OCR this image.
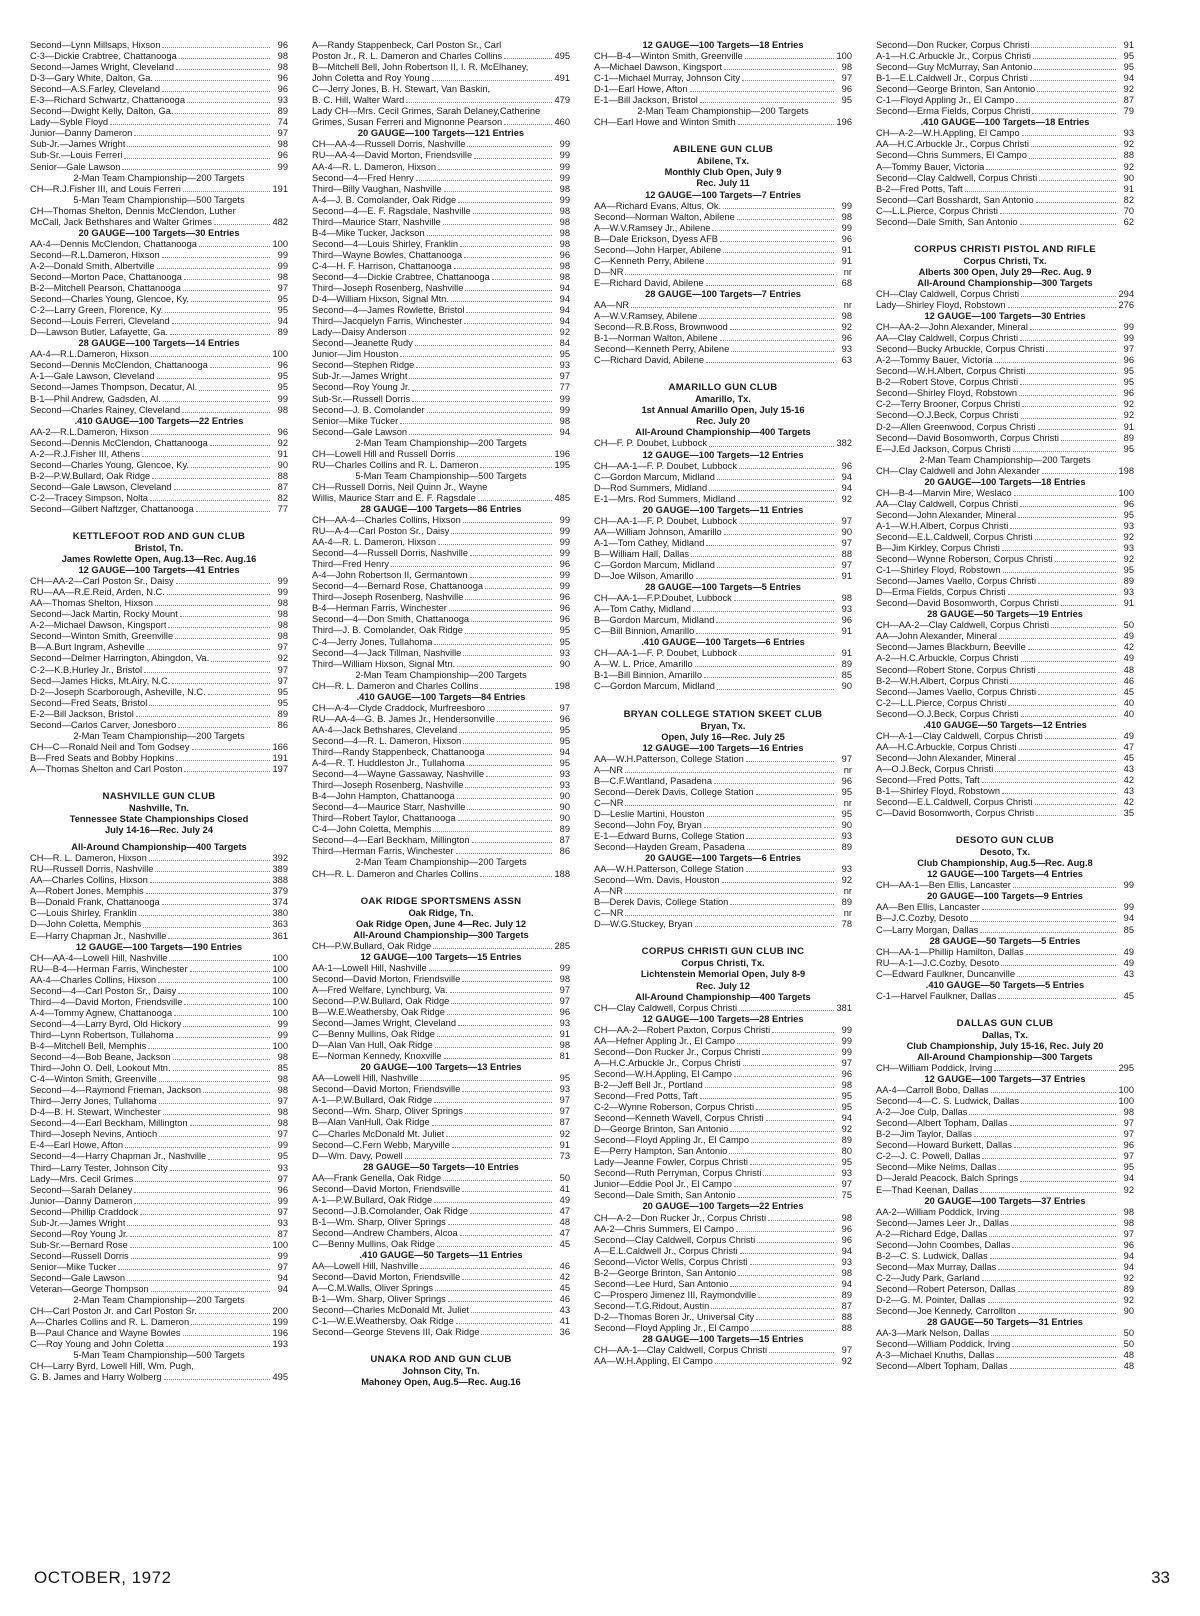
Second—Lynn Millsaps, Hixson	96
C-3—Dickie Crabtree, Chattanooga	98
Second—James Wright, Cleveland	98
D-3—Gary White, Dalton, Ga.	96
Second—A.S.Farley, Cleveland	96
E-3—Richard Schwartz, Chattanooga	93
Second—Dwight Kelly, Dalton, Ga.	89
Lady—Syble Floyd	74
Junior—Danny Dameron	97
Sub-Jr.—James Wright	98
Sub-Sr.—Louis Ferreri	96
Senior—Gale Lawson	99
2-Man Team Championship—200 Targets
CH—R.J.Fisher III, and Louis Ferreri	191
5-Man Team Championship—500 Targets
CH—Thomas Shelton, Dennis McClendon, Luther
McCall, Jack Bethshares and Walter Grimes	482
20 GAUGE—100 Targets—30 Entries
AA-4—Dennis McClendon, Chattanooga	100
Second—R.L.Dameron, Hixson	99
A-2—Donald Smith, Albertville	99
Second—Morton Pace, Chattanooga	98
B-2—Mitchell Pearson, Chattanooga	97
Second—Charles Young, Glencoe, Ky.	95
C-2—Larry Green, Florence, Ky.	95
Second—Louis Ferreri, Cleveland	94
D—Lawson Butler, Lafayette, Ga.	89
28 GAUGE—100 Targets—14 Entries
AA-4—R.L.Dameron, Hixson	100
Second—Dennis McClendon, Chattanooga	96
A-1—Gale Lawson, Cleveland	95
Second—James Thompson, Decatur, Al.	95
B-1—Phil Andrew, Gadsden, Al.	99
Second—Charles Rainey, Cleveland	98
.410 GAUGE—100 Targets—22 Entries
AA-2—R.L.Dameron, Hixson	96
Second—Dennis McClendon, Chattanooga	92
A-2—R.J.Fisher III, Athens	91
Second—Charles Young, Glencoe, Ky.	90
B-2—P.W.Bullard, Oak Ridge	88
Second—Gale Lawson, Cleveland	87
C-2—Tracey Simpson, Nolta	82
Second—Gilbert Naftzger, Chattanooga	77
KETTLEFOOT ROD AND GUN CLUB
Bristol, Tn.
James Rowlette Open, Aug.13—Rec. Aug.16
12 GAUGE—100 Targets—41 Entries
CH—AA-2—Carl Poston Sr., Daisy	99
RU—AA—R.E.Reid, Arden, N.C.	99
AA—Thomas Shelton, Hixson	98
Second—Jack Martin, Rocky Mount	98
A-2—Michael Dawson, Kingsport	98
Second—Winton Smith, Greenville	98
B—A.Burt Ingram, Asheville	97
Second—Delmer Harrington, Abingdon, Va.	92
C-2—K.B.Hurley Jr., Bristol	97
Secd—James Hicks, Mt.Airy, N.C.	97
D-2—Joseph Scarborough, Asheville, N.C.	95
Second—Fred Seats, Bristol	95
E-2—Bill Jackson, Bristol	89
Second—Carlos Carver, Jonesboro	86
2-Man Team Championship—200 Targets
CH—C—Ronald Neil and Tom Godsey	166
B—Fred Seats and Bobby Hopkins	191
A—Thomas Shelton and Carl Poston	197
NASHVILLE GUN CLUB
Nashville, Tn.
Tennessee State Championships Closed
July 14-16—Rec. July 24
All-Around Championship—400 Targets
CH—R. L. Dameron, Hixson	392
RU—Russell Dorris, Nashville	389
AA—Charles Collins, Hixson	388
A—Robert Jones, Memphis	379
B—Donald Frank, Chattanooga	374
C—Louis Shirley, Franklin	380
D—John Coletta, Memphis	363
E—Harry Chapman Jr., Nashville	361
12 GAUGE—100 Targets—190 Entries
CH—AA-4—Lowell Hill, Nashville	100
RU—B-4—Herman Farris, Winchester	100
AA-4—Charles Collins, Hixson	100
Second—4—Carl Poston Sr., Daisy	100
Third—4—David Morton, Friendsville	100
A-4—Tommy Agnew, Chattanooga	100
Second—4—Larry Byrd, Old Hickory	99
Third—Lynn Robertson, Tullahoma	99
B-4—Mitchell Bell, Memphis	100
Second—4—Bob Beane, Jackson	98
Third—John O. Dell, Lookout Mtn.	85
C-4—Winton Smith, Greenville	98
Second—4—Raymond Frieman, Jackson	98
Third—Jerry Jones, Tullahoma	97
D-4—B. H. Stewart, Winchester	98
Second—4—Earl Beckham, Millington	98
Third—Joseph Nevins, Antioch	97
E-4—Earl Howe, Afton	99
Second—4—Harry Chapman Jr., Nashville	95
Third—Larry Tester, Johnson City	93
Lady—Mrs. Cecil Grimes	97
Second—Sarah Delaney	96
Junior—Danny Dameron	99
Second—Phillip Craddock	97
Sub-Jr.—James Wright	93
Second—Roy Young Jr.	87
Sub-Sr.—Bernard Rose	100
Second—Russell Dorris	99
Senior—Mike Tucker	97
Second—Gale Lawson	94
Veteran—George Thompson	94
2-Man Team Championship—200 Targets
CH—Carl Poston Jr. and Carl Poston Sr.	200
A—Charles Collins and R. L. Dameron	199
B—Paul Chance and Wayne Bowles	196
C—Roy Young and John Coletta	193
5-Man Team Championship—500 Targets
CH—Larry Byrd, Lowell Hill, Wm. Pugh,
G. B. James and Harry Wolberg	495
A—Randy Stappenbeck, Carl Poston Sr., Carl
Poston Jr., R. L. Dameron and Charles Collins	495
B—Mitchell Bell, John Robertson II, I. R. McElhaney,
John Coletta and Roy Young	491
C—Jerry Jones, B. H. Stewart, Van Baskin,
B. C. Hill, Walter Ward	479
Lady CH—Mrs. Cecil Grimes, Sarah Delaney,Catherine
Grimes, Susan Ferreri and Mignonne Pearson	460
20 GAUGE—100 Targets—121 Entries
CH—AA-4—Russell Dorris, Nashville	99
RU—AA-4—David Morton, Friendsville	99
AA-4—R. L. Dameron, Hixson	99
Second—4—Fred Henry	99
Third—Billy Vaughan, Nashville	98
A-4—J. B. Comolander, Oak Ridge	99
Second—4—E. F. Ragsdale, Nashville	98
Third—Maurice Starr, Nashville	98
B-4—Mike Tucker, Jackson	98
Second—4—Louis Shirley, Franklin	98
Third—Wayne Bowles, Chattanooga	96
C-4—H. F. Harrison, Chattanooga	98
Second—4—Dickie Crabtree, Chattanooga	98
Third—Joseph Rosenberg, Nashville	94
D-4—William Hixson, Signal Mtn.	94
Second—4—James Rowlette, Bristol	94
Third—Jacquelyn Farris, Winchester	94
Lady—Daisy Anderson	92
Second—Jeanette Rudy	84
Junior—Jim Houston	95
Second—Stephen Ridge	93
Sub-Jr.—James Wright	97
Second—Roy Young Jr.	77
Sub-Sr.—Russell Dorris	99
Second—J. B. Comolander	99
Senior—Mike Tucker	98
Second—Gale Lawson	94
2-Man Team Championship—200 Targets
CH—Lowell Hill and Russell Dorris	196
RU—Charles Collins and R. L. Dameron	195
5-Man Team Championship—500 Targets
CH—Russell Dorris, Neil Quinn Jr., Wayne
Willis, Maurice Starr and E. F. Ragsdale	485
28 GAUGE—100 Targets—86 Entries
CH—AA-4—Charles Collins, Hixson	99
RU—A-4—Carl Poston Sr., Daisy	99
AA-4—R. L. Dameron, Hixson	99
Second—4—Russell Dorris, Nashville	99
Third—Fred Henry	96
A-4—John Robertson II, Germantown	99
Second—4—Bernard Rose, Chattanooga	99
Third—Joseph Rosenberg, Nashville	96
B-4—Herman Farris, Winchester	96
Second—4—Don Smith, Chattanooga	96
Third—J. B. Comolander, Oak Ridge	95
C-4—Jerry Jones, Tullahoma	95
Second—4—Jack Tillman, Nashville	93
Third—William Hixson, Signal Mtn.	90
2-Man Team Championship—200 Targets
CH—R. L. Dameron and Charles Collins	198
.410 GAUGE—100 Targets—84 Entries
CH—A-4—Clyde Craddock, Murfreesboro	97
RU—AA-4—G. B. James Jr., Hendersonville	96
AA-4—Jack Bethshares, Cleveland	95
Second—4—R. L. Dameron, Hixson	95
Third—Randy Stappenbeck, Chattanooga	94
A-4—R. T. Huddleston Jr., Tullahoma	95
Second—4—Wayne Gassaway, Nashville	93
Third—Joseph Rosenberg, Nashville	93
B-4—John Hampton, Chattanooga	90
Second—4—Maurice Starr, Nashville	90
Third—Robert Taylor, Chattanooga	90
C-4—John Coletta, Memphis	89
Second—4—Earl Beckham, Millington	87
Third—Herman Farris, Winchester	86
2-Man Team Championship—200 Targets
CH—R. L. Dameron and Charles Collins	188
OAK RIDGE SPORTSMENS ASSN
Oak Ridge, Tn.
Oak Ridge Open, June 4—Rec. July 12
All-Around Championship—300 Targets
CH—P.W.Bullard, Oak Ridge	285
12 GAUGE—100 Targets—15 Entries
AA-1—Lowell Hill, Nashville	99
Second—David Morton, Friendsville	98
A—Fred Welfare, Lynchburg, Va.	97
Second—P.W.Bullard, Oak Ridge	97
B—W.E.Weathersby, Oak Ridge	96
Second—James Wright, Cleveland	93
C—Benny Mullins, Oak Ridge	91
D—Alan Van Hull, Oak Ridge	98
E—Norman Kennedy, Knoxville	81
20 GAUGE—100 Targets—13 Entries
AA—Lowell Hill, Nashville	95
Second—David Morton, Friendsville	93
A-1—P.W.Bullard, Oak Ridge	97
Second—Wm. Sharp, Oliver Springs	97
B—Alan VanHull, Oak Ridge	87
C—Charles McDonald Mt. Juliet	92
Second—C.Fern Webb, Maryville	91
D—Wm. Davy, Powell	73
28 GAUGE—50 Targets—10 Entries
AA—Frank Genella, Oak Ridge	50
Second—David Morton, Friendsville	41
A-1—P.W.Bullard, Oak Ridge	49
Second—J.B.Comolander, Oak Ridge	47
B-1—Wm. Sharp, Oliver Springs	48
Second—Andrew Chambers, Alcoa	47
C—Benny Mullins, Oak Ridge	45
.410 GAUGE—50 Targets—11 Entries
AA—Lowell Hill, Nashville	46
Second—David Morton, Friendsville	42
A—C.M.Walls, Oliver Springs	45
B-1—Wm. Sharp, Oliver Springs	46
Second—Charles McDonald Mt. Juliet	43
C-1—W.E.Weathersby, Oak Ridge	41
Second—George Stevens III, Oak Ridge	36
UNAKA ROD AND GUN CLUB
Johnson City, Tn.
Mahoney Open, Aug.5—Rec. Aug.16
12 GAUGE—100 Targets—18 Entries
CH—B-4—Winton Smith, Greenville	100
A—Michael Dawson, Kingsport	98
C-1—Michael Murray, Johnson City	97
D-1—Earl Howe, Afton	96
E-1—Bill Jackson, Bristol	95
2-Man Team Championship—200 Targets
CH—Earl Howe and Winton Smith	196
ABILENE GUN CLUB
Abilene, Tx.
Monthly Club Open, July 9
Rec. July 11
12 GAUGE—100 Targets—7 Entries
AA—Richard Evans, Altus, Ok.	99
Second—Norman Walton, Abilene	98
A—W.V.Ramsey Jr., Abilene	99
B—Dale Erickson, Dyess AFB	96
Second—John Harper, Abilene	91
C—Kenneth Perry, Abilene	91
D—NR	nr
E—Richard David, Abilene	68
28 GAUGE—100 Targets—7 Entries
AA—NR	nr
A—W.V.Ramsey, Abilene	98
Second—R.B.Ross, Brownwood	92
B-1—Norman Walton, Abilene	96
Second—Kenneth Perry, Abilene	93
C—Richard David, Abilene	63
AMARILLO GUN CLUB
Amarillo, Tx.
1st Annual Amarillo Open, July 15-16
Rec. July 20
All-Around Championship—400 Targets
CH—F. P. Doubet, Lubbock	382
12 GAUGE—100 Targets—12 Entries
CH—AA-1—F. P. Doubet, Lubbock	96
C—Gordon Marcum, Midland	94
D—Rod Summers, Midland	94
E-1—Mrs. Rod Summers, Midland	92
20 GAUGE—100 Targets—11 Entries
CH—AA-1—F. P. Doubet, Lubbock	97
AA—William Johnson, Amarillo	90
A-1—Tom Cathey, Midland	97
B—William Hall, Dallas	88
C—Gordon Marcum, Midland	97
D—Joe Wilson, Amarillo	91
28 GAUGE—100 Targets—5 Entries
CH—AA-1—F.P.Doubet, Lubbock	98
A—Tom Cathy, Midland	93
B—Gordon Marcum, Midland	96
C—Bill Binnion, Amarillo	91
.410 GAUGE—100 Targets—6 Entries
CH—AA-1—F. P. Doubet, Lubbock	91
A—W. L. Price, Amarillo	89
B-1—Bill Binnion, Amarillo	85
C—Gordon Marcum, Midland	90
BRYAN COLLEGE STATION SKEET CLUB
Bryan, Tx.
Open, July 16—Rec. July 25
12 GAUGE—100 Targets—16 Entries
AA—W.H.Patterson, College Station	97
A—NR	nr
B—C.F.Wantland, Pasadena	96
Second—Derek Davis, College Station	95
C—NR	nr
D—Leslie Martini, Houston	95
Second—John Foy, Bryan	90
E-1—Edward Burns, College Station	93
Second—Hayden Gream, Pasadena	89
20 GAUGE—100 Targets—6 Entries
AA—W.H.Patterson, College Station	93
Second—Wm. Davis, Houston	92
A—NR	nr
B—Derek Davis, College Station	89
C—NR	nr
D—W.G.Stuckey, Bryan	78
CORPUS CHRISTI GUN CLUB INC
Corpus Christi, Tx.
Lichtenstein Memorial Open, July 8-9
Rec. July 12
All-Around Championship—400 Targets
CH—Clay Caldwell, Corpus Christi	381
12 GAUGE—100 Targets—28 Entries
CH—AA-2—Robert Paxton, Corpus Christi	99
AA—Hefner Appling Jr., El Campo	99
Second—Don Rucker Jr., Corpus Christi	99
A—H.C.Arbuckle Jr., Corpus Christi	97
Second—W.H.Appling, El Campo	96
B-2—Jeff Bell Jr., Portland	98
Second—Fred Potts, Taft	95
C-2—Wynne Roberson, Corpus Christi	95
Second—Kenneth Wavell, Corpus Christi	94
D—George Brinton, San Antonio	92
Second—Floyd Appling Jr., El Campo	89
E—Perry Hampton, San Antonio	80
Lady—Jeanne Fowler, Corpus Christi	95
Second—Ruth Perryman, Corpus Christi	93
Junior—Eddie Pool Jr., El Campo	97
Second—Dale Smith, San Antonio	75
20 GAUGE—100 Targets—22 Entries
CH—A-2—Don Rucker Jr., Corpus Christi	98
AA-2—Chris Summers, El Campo	96
Second—Clay Caldwell, Corpus Christi	96
A—E.L.Caldwell Jr., Corpus Christi	94
Second—Victor Wells, Corpus Christi	93
B-2—George Brinton, San Antonio	98
Second—Lee Hurd, San Antonio	94
C—Prospero Jimenez III, Raymondville	89
Second—T.G.Ridout, Austin	87
D-2—Thomas Boren Jr., Universal City	88
Second—Floyd Appling Jr., El Campo	88
28 GAUGE—100 Targets—15 Entries
CH—AA-1—Clay Caldwell, Corpus Christi	97
AA—W.H.Appling, El Campo	92
Second—Don Rucker, Corpus Christi	91
A-1—H.C.Arbuckle Jr., Corpus Christi	95
Second—Guy McMurray, San Antonio	95
B-1—E.L.Caldwell Jr., Corpus Christi	94
Second—George Brinton, San Antonio	92
C-1—Floyd Appling Jr., El Campo	87
Second—Erma Fields, Corpus Christi	79
.410 GAUGE—100 Targets—18 Entries
CH—A-2—W.H.Appling, El Campo	93
AA—H.C.Arbuckle Jr., Corpus Christi	92
Second—Chris Summers, El Campo	88
A—Tommy Bauer, Victoria	92
Second—Clay Caldwell, Corpus Christi	90
B-2—Fred Potts, Taft	91
Second—Carl Bosshardt, San Antonio	82
C—L.L.Pierce, Corpus Christi	70
Second—Dale Smith, San Antonio	62
CORPUS CHRISTI PISTOL AND RIFLE
Corpus Christi, Tx.
Alberts 300 Open, July 29—Rec. Aug. 9
All-Around Championship—300 Targets
CH—Clay Caldwell, Corpus Christi	294
Lady—Shirley Floyd, Robstown	276
12 GAUGE—100 Targets—30 Entries
CH—AA-2—John Alexander, Mineral	99
AA—Clay Caldwell, Corpus Christi	99
Second—Bucky Arbuckle, Corpus Christi	97
A-2—Tommy Bauer, Victoria	96
Second—W.H.Albert, Corpus Christi	95
B-2—Robert Stove, Corpus Christi	95
Second—Shirley Floyd, Robstown	96
C-2—Terry Brooner, Corpus Christi	92
Second—O.J.Beck, Corpus Christi	92
D-2—Allen Greenwood, Corpus Christi	91
Second—David Bosomworth, Corpus Christi	89
E—J.Ed Jackson, Corpus Christi	95
2-Man Team Championship—200 Targets
CH—Clay Caldwell and John Alexander	198
20 GAUGE—100 Targets—18 Entries
CH—B-4—Marvin Mire, Weslaco	100
AA—Clay Caldwell, Corpus Christi	96
Second—John Alexander, Mineral	95
A-1—W.H.Albert, Corpus Christi	93
Second—E.L.Caldwell, Corpus Christi	92
B—Jim Kirkley, Corpus Christi	93
Second—Wynne Roberson, Corpus Christi	92
C-1—Shirley Floyd, Robstown	95
Second—James Vaello, Corpus Christi	89
D—Erma Fields, Corpus Christi	93
Second—David Bosomworth, Corpus Christi	91
28 GAUGE—50 Targets—19 Entries
CH—AA-2—Clay Caldwell, Corpus Christi	50
AA—John Alexander, Mineral	49
Second—James Blackburn, Beeville	42
A-2—H.C.Arbuckle, Corpus Christi	49
Second—Robert Stone, Corpus Christi	48
B-2—W.H.Albert, Corpus Christi	46
Second—James Vaello, Corpus Christi	45
C-2—L.L.Pierce, Corpus Christi	40
Second—O.J.Beck, Corpus Christi	40
.410 GAUGE—50 Targets—12 Entries
CH—A-1—Clay Caldwell, Corpus Christi	49
AA—H.C.Arbuckle, Corpus Christi	47
Second—John Alexander, Mineral	45
A—O.J.Beck, Corpus Christi	43
Second—Fred Potts, Taft	42
B-1—Shirley Floyd, Robstown	43
Second—E.L.Caldwell, Corpus Christi	42
C—David Bosomworth, Corpus Christi	35
DESOTO GUN CLUB
Desoto, Tx.
Club Championship, Aug.5—Rec. Aug.8
12 GAUGE—100 Targets—4 Entries
CH—AA-1—Ben Ellis, Lancaster	99
20 GAUGE—100 Targets—9 Entries
AA—Ben Ellis, Lancaster	99
B—J.C.Cozby, Desoto	94
C—Larry Morgan, Dallas	85
28 GAUGE—50 Targets—5 Entries
CH—AA-1—Phillip Hamilton, Dallas	49
RU—A-1—J.C.Cozby, Desoto	49
C—Edward Faulkner, Duncanville	43
.410 GAUGE—50 Targets—5 Entries
C-1—Harvel Faulkner, Dallas	45
DALLAS GUN CLUB
Dallas, Tx.
Club Championship, July 15-16, Rec. July 20
All-Around Championship—300 Targets
CH—William Poddick, Irving	295
12 GAUGE—100 Targets—37 Entries
AA-4—Carroll Bobo, Dallas	100
Second—4—C. S. Ludwick, Dallas	100
A-2—Joe Culp, Dallas	98
Second—Albert Topham, Dallas	97
B-2—Jim Taylor, Dallas	97
Second—Howard Burkett, Dallas	96
C-2—J. C. Powell, Dallas	97
Second—Mike Nelms, Dallas	95
D—Jerald Peacock, Balch Springs	94
E—Thad Keenan, Dallas	92
20 GAUGE—100 Targets—37 Entries
AA-2—William Poddick, Irving	98
Second—James Leer Jr., Dallas	98
A-2—Richard Edge, Dallas	97
Second—John Coombes, Dallas	96
B-2—C. S. Ludwick, Dallas	94
Second—Max Murray, Dallas	94
C-2—Judy Park, Garland	92
Second—Robert Peterson, Dallas	89
D-2—G. M. Pointer, Dallas	92
Second—Joe Kennedy, Carrollton	90
28 GAUGE—50 Targets—31 Entries
AA-3—Mark Nelson, Dallas	50
Second—William Poddick, Irving	50
A-3—Michael Knuths, Dallas	48
Second—Albert Topham, Dallas	48
OCTOBER, 1972	33
